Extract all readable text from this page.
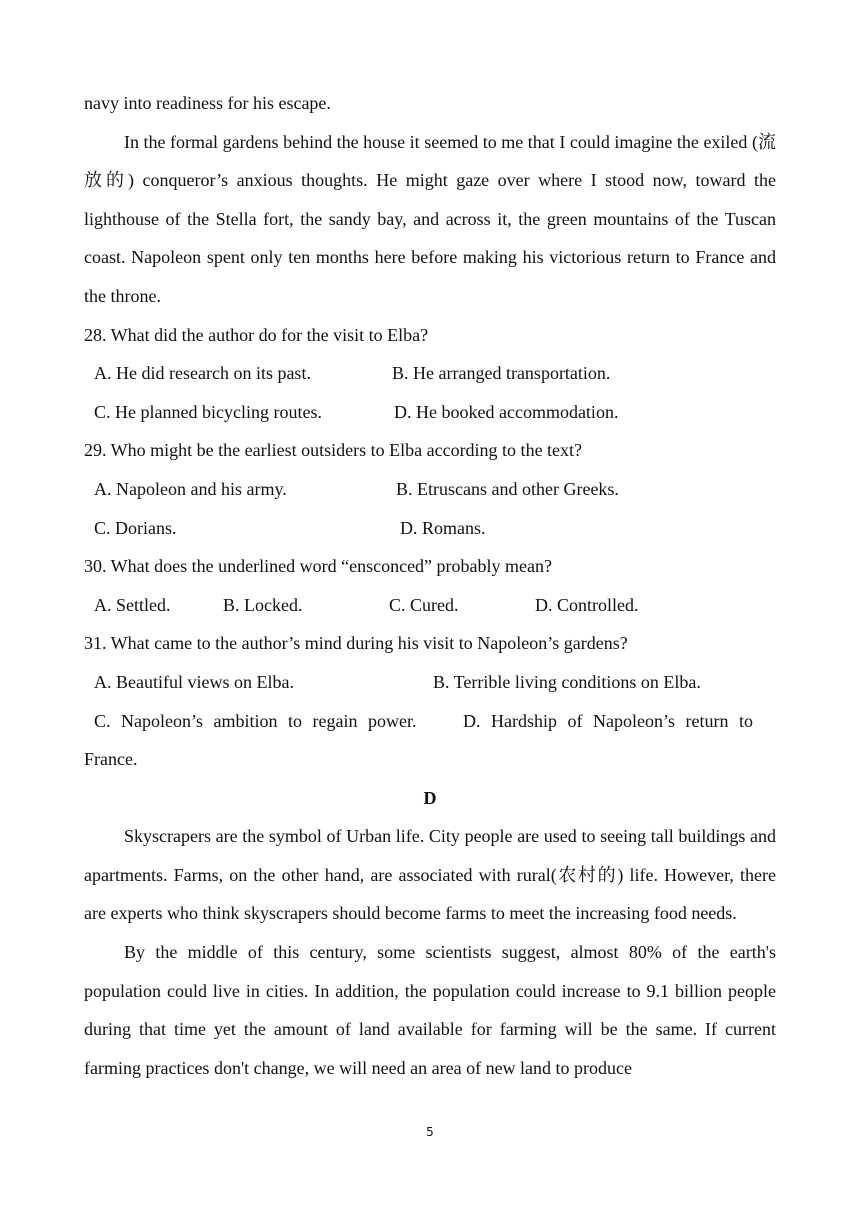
navy into readiness for his escape.

In the formal gardens behind the house it seemed to me that I could imagine the exiled (流放的) conqueror’s anxious thoughts. He might gaze over where I stood now, toward the lighthouse of the Stella fort, the sandy bay, and across it, the green mountains of the Tuscan coast. Napoleon spent only ten months here before making his victorious return to France and the throne.

28. What did the author do for the visit to Elba?

A. He did research on its past.	B. He arranged transportation.
C. He planned bicycling routes.	D. He booked accommodation.

29. Who might be the earliest outsiders to Elba according to the text?

A. Napoleon and his army.	B. Etruscans and other Greeks.
C. Dorians.	D. Romans.

30. What does the underlined word “ensconced” probably mean?

A. Settled.	B. Locked.	C. Cured.	D. Controlled.

31. What came to the author’s mind during his visit to Napoleon’s gardens?

A. Beautiful views on Elba.	B. Terrible living conditions on Elba.
C. Napoleon’s ambition to regain power.	D. Hardship of Napoleon’s return to

France.

D

Skyscrapers are the symbol of Urban life. City people are used to seeing tall buildings and apartments. Farms, on the other hand, are associated with rural(农村的) life. However, there are experts who think skyscrapers should become farms to meet the increasing food needs.

By the middle of this century, some scientists suggest, almost 80% of the earth's population could live in cities. In addition, the population could increase to 9.1 billion people during that time yet the amount of land available for farming will be the same. If current farming practices don't change, we will need an area of new land to produce

5
